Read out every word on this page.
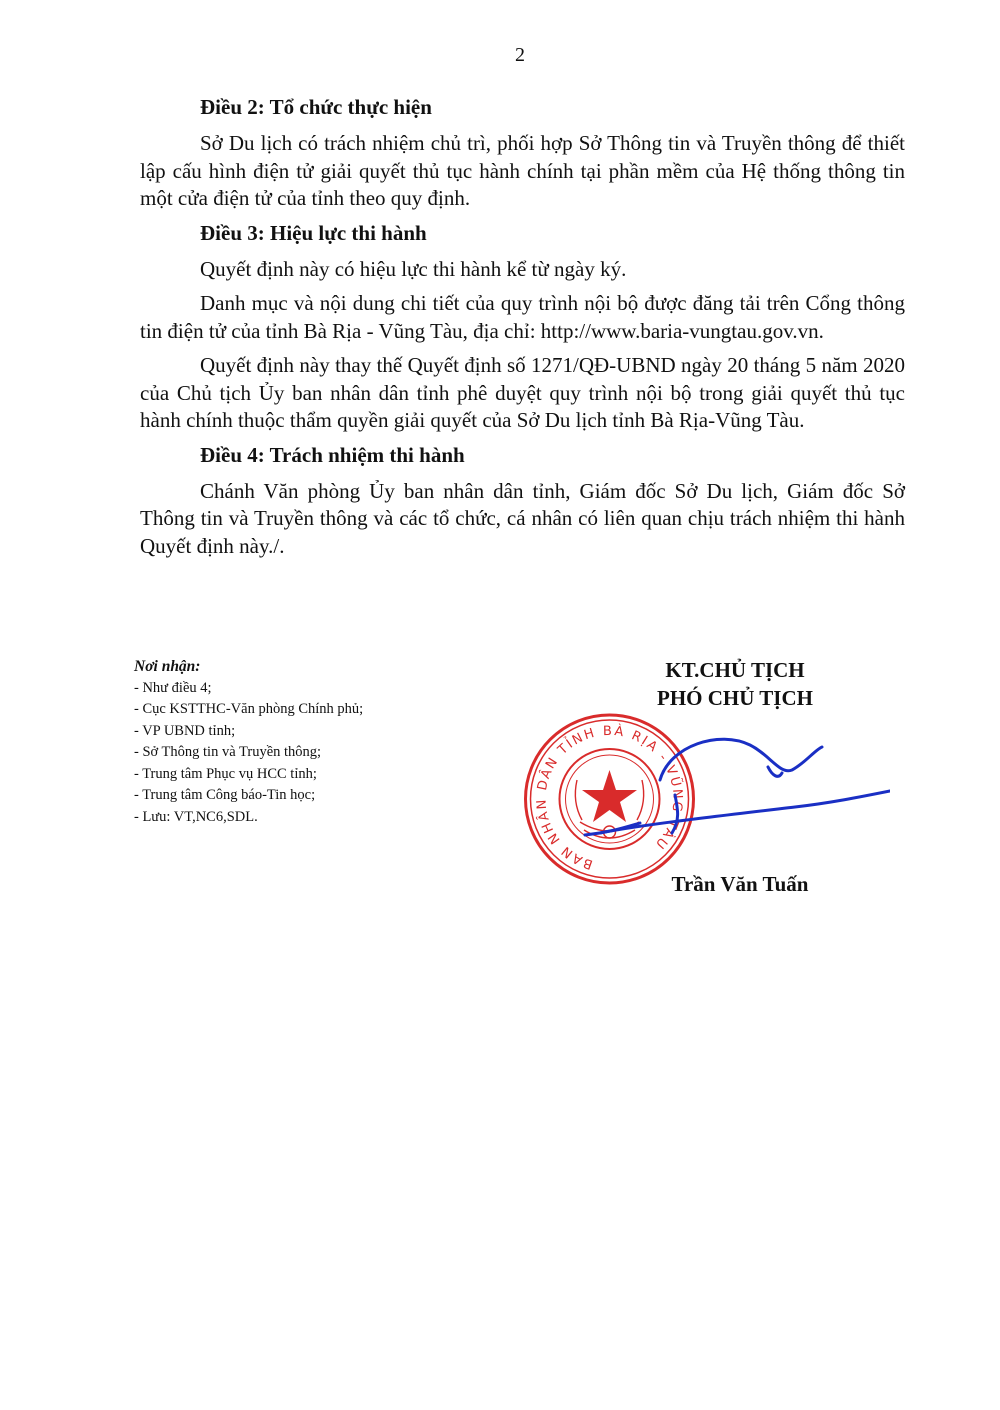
2
Điều 2: Tổ chức thực hiện

Sở Du lịch có trách nhiệm chủ trì, phối hợp Sở Thông tin và Truyền thông để thiết lập cấu hình điện tử giải quyết thủ tục hành chính tại phần mềm của Hệ thống thông tin một cửa điện tử của tỉnh theo quy định.

Điều 3: Hiệu lực thi hành

Quyết định này có hiệu lực thi hành kể từ ngày ký.

Danh mục và nội dung chi tiết của quy trình nội bộ được đăng tải trên Cổng thông tin điện tử của tỉnh Bà Rịa - Vũng Tàu, địa chỉ: http://www.baria-vungtau.gov.vn.

Quyết định này thay thế Quyết định số 1271/QĐ-UBND ngày 20 tháng 5 năm 2020 của Chủ tịch Ủy ban nhân dân tỉnh phê duyệt quy trình nội bộ trong giải quyết thủ tục hành chính thuộc thẩm quyền giải quyết của Sở Du lịch tỉnh Bà Rịa-Vũng Tàu.

Điều 4: Trách nhiệm thi hành

Chánh Văn phòng Ủy ban nhân dân tỉnh, Giám đốc Sở Du lịch, Giám đốc Sở Thông tin và Truyền thông và các tổ chức, cá nhân có liên quan chịu trách nhiệm thi hành Quyết định này./.

Nơi nhận:
- Như điều 4;
- Cục KSTTHC-Văn phòng Chính phủ;
- VP UBND tỉnh;
- Sở Thông tin và Truyền thông;
- Trung tâm Phục vụ HCC tỉnh;
- Trung tâm Công báo-Tin học;
- Lưu: VT,NC6,SDL.
KT.CHỦ TỊCH
PHÓ CHỦ TỊCH
BAN NHÂN DÂN TỈNH BÀ RỊA - VŨNG TÀU
Trần Văn Tuấn
